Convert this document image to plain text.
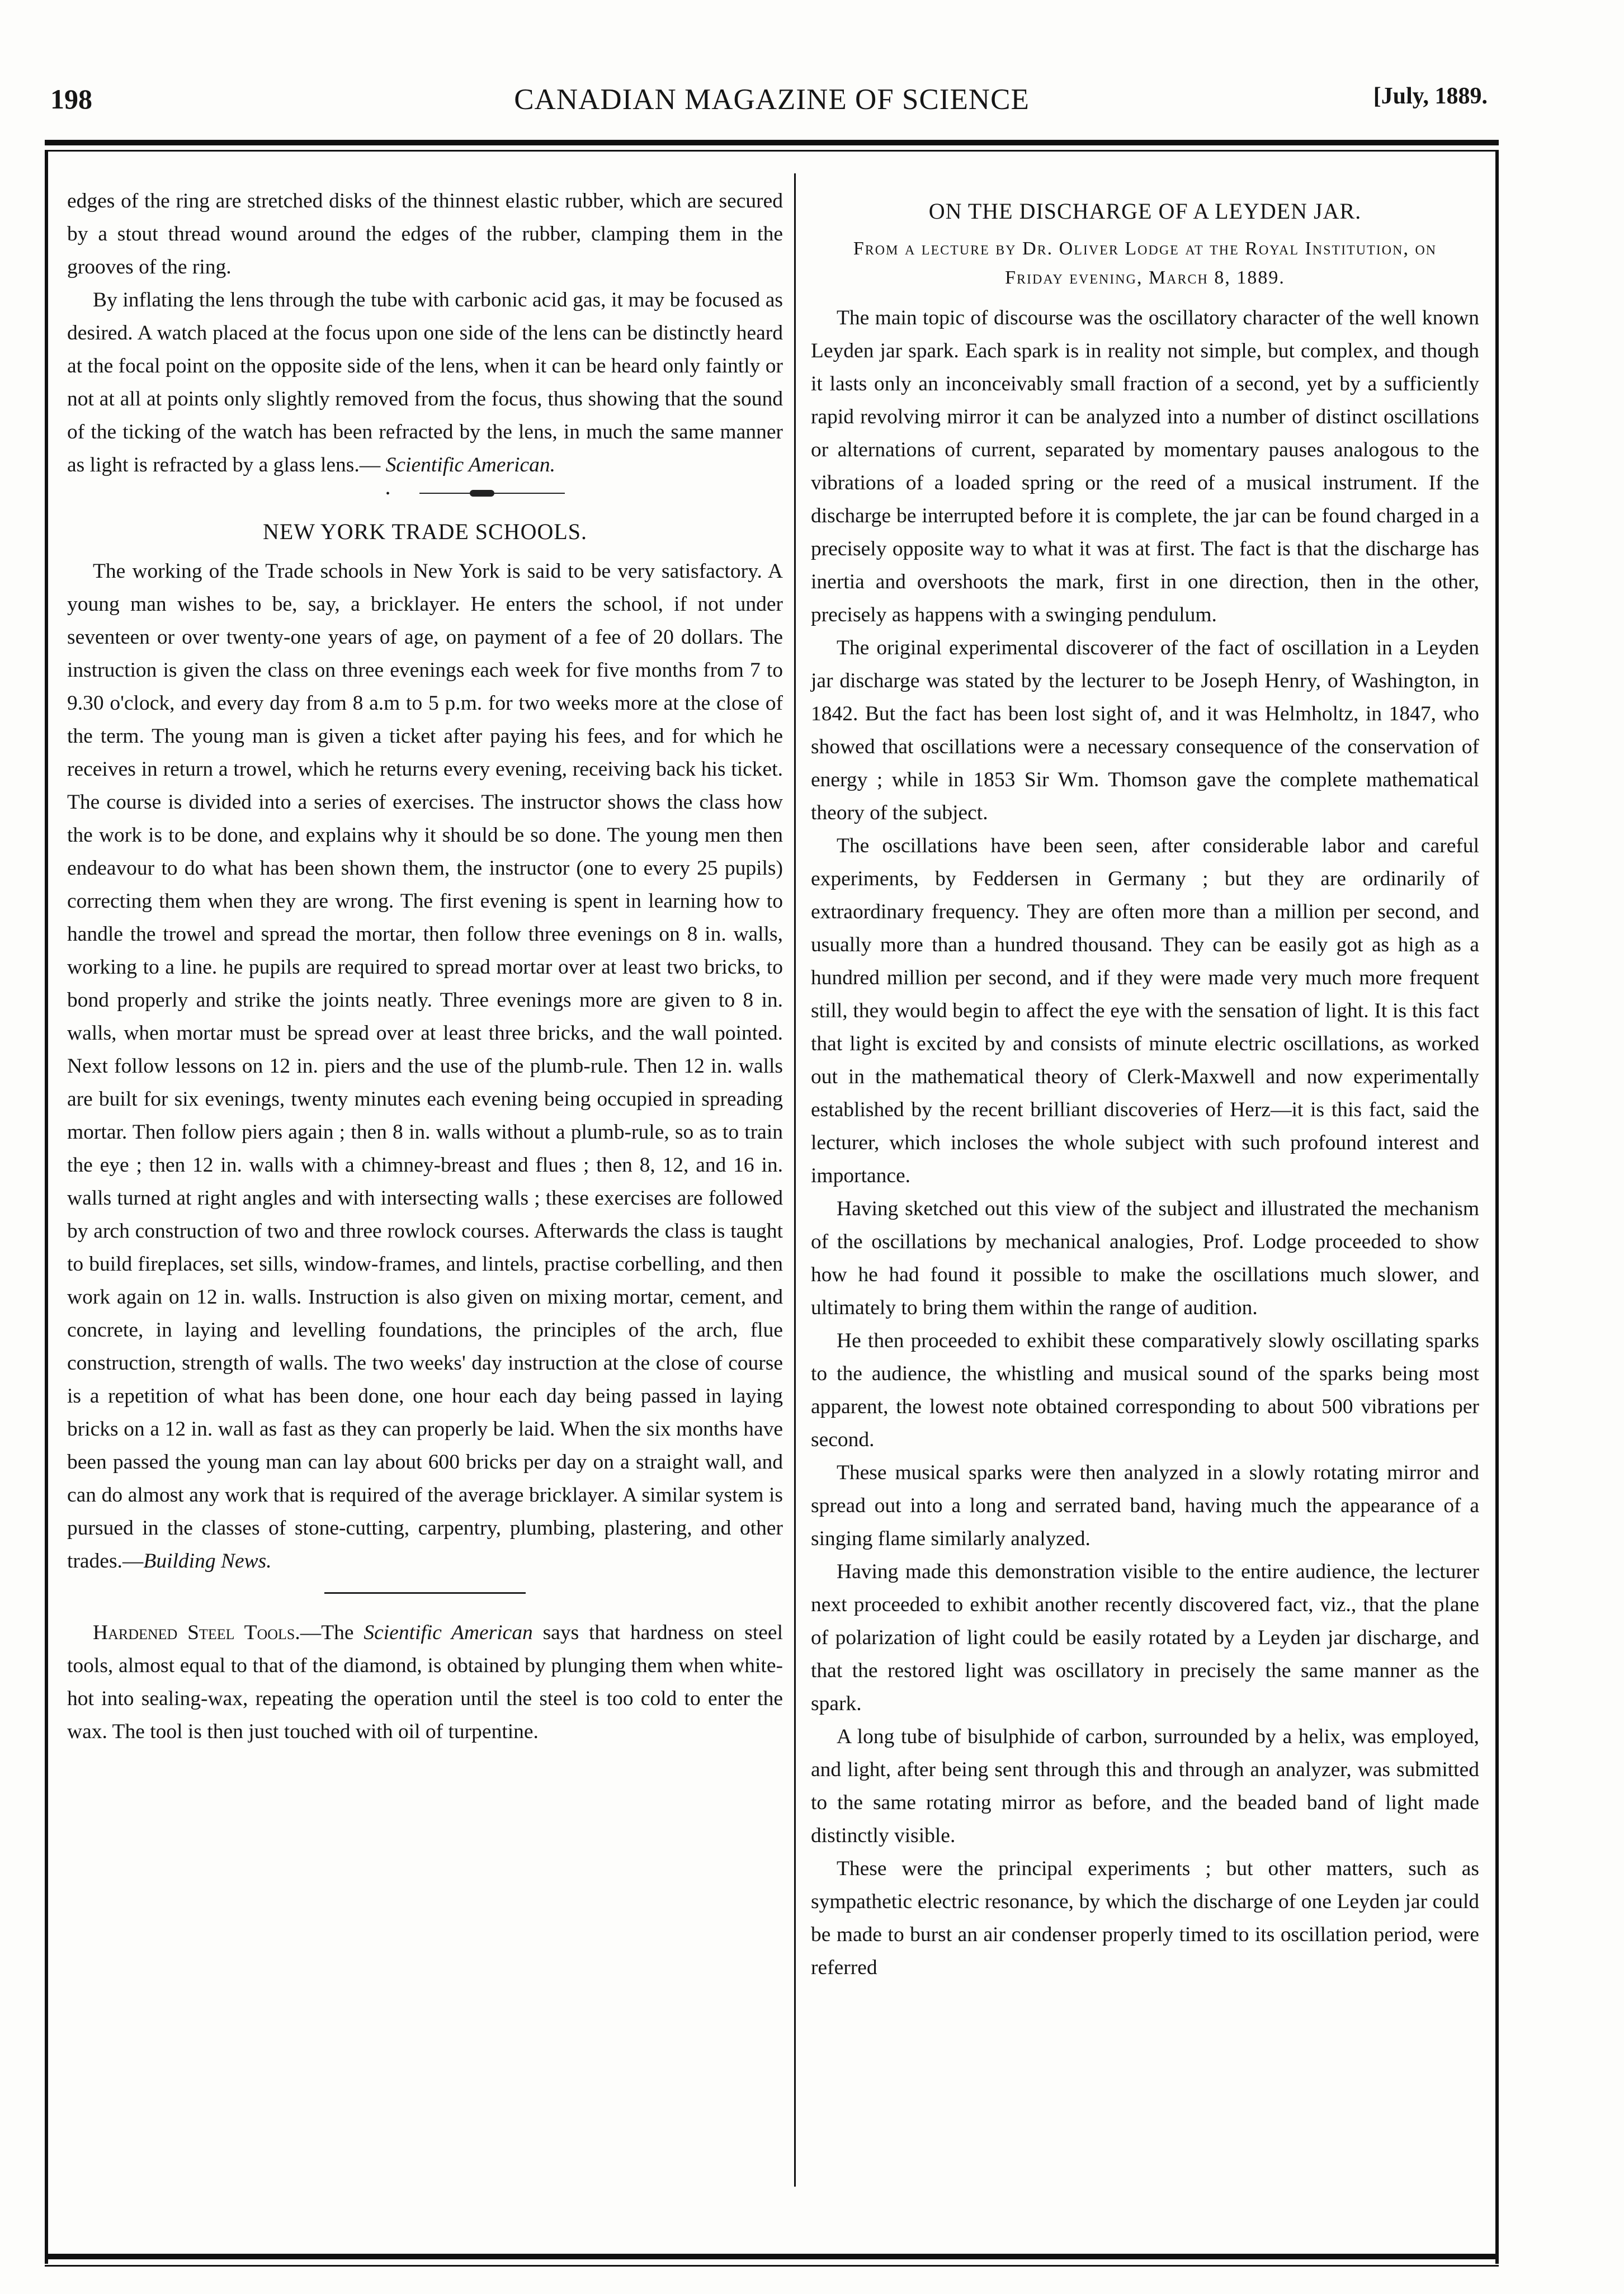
198	CANADIAN MAGAZINE OF SCIENCE	[July, 1889.

edges of the ring are stretched disks of the thinnest elastic rubber, which are secured by a stout thread wound around the edges of the rubber, clamping them in the grooves of the ring.

By inflating the lens through the tube with carbonic acid gas, it may be focused as desired. A watch placed at the focus upon one side of the lens can be distinctly heard at the focal point on the opposite side of the lens, when it can be heard only faintly or not at all at points only slightly removed from the focus, thus showing that the sound of the ticking of the watch has been refracted by the lens, in much the same manner as light is refracted by a glass lens.— Scientific American.

•
NEW YORK TRADE SCHOOLS.

The working of the Trade schools in New York is said to be very satisfactory. A young man wishes to be, say, a bricklayer. He enters the school, if not under seventeen or over twenty-one years of age, on payment of a fee of 20 dollars. The instruction is given the class on three evenings each week for five months from 7 to 9.30 o'clock, and every day from 8 a.m to 5 p.m. for two weeks more at the close of the term. The young man is given a ticket after paying his fees, and for which he receives in return a trowel, which he returns every evening, receiving back his ticket. The course is divided into a series of exercises. The instructor shows the class how the work is to be done, and explains why it should be so done. The young men then endeavour to do what has been shown them, the instructor (one to every 25 pupils) correcting them when they are wrong. The first evening is spent in learning how to handle the trowel and spread the mortar, then follow three evenings on 8 in. walls, working to a line. he pupils are required to spread mortar over at least two bricks, to bond properly and strike the joints neatly. Three evenings more are given to 8 in. walls, when mortar must be spread over at least three bricks, and the wall pointed. Next follow lessons on 12 in. piers and the use of the plumb-rule. Then 12 in. walls are built for six evenings, twenty minutes each evening being occupied in spreading mortar. Then follow piers again ; then 8 in. walls without a plumb-rule, so as to train the eye ; then 12 in. walls with a chimney-breast and flues ; then 8, 12, and 16 in. walls turned at right angles and with intersecting walls ; these exercises are followed by arch construction of two and three rowlock courses. Afterwards the class is taught to build fireplaces, set sills, window-frames, and lintels, practise corbelling, and then work again on 12 in. walls. Instruction is also given on mixing mortar, cement, and concrete, in laying and levelling foundations, the principles of the arch, flue construction, strength of walls. The two weeks' day instruction at the close of course is a repetition of what has been done, one hour each day being passed in laying bricks on a 12 in. wall as fast as they can properly be laid. When the six months have been passed the young man can lay about 600 bricks per day on a straight wall, and can do almost any work that is required of the average bricklayer. A similar system is pursued in the classes of stone-cutting, carpentry, plumbing, plastering, and other trades.—Building News.

Hardened Steel Tools.—The Scientific American says that hardness on steel tools, almost equal to that of the diamond, is obtained by plunging them when white-hot into sealing-wax, repeating the operation until the steel is too cold to enter the wax. The tool is then just touched with oil of turpentine.

ON THE DISCHARGE OF A LEYDEN JAR.
From a lecture by Dr. Oliver Lodge at the Royal Institution, on Friday evening, March 8, 1889.

The main topic of discourse was the oscillatory character of the well known Leyden jar spark. Each spark is in reality not simple, but complex, and though it lasts only an inconceivably small fraction of a second, yet by a sufficiently rapid revolving mirror it can be analyzed into a number of distinct oscillations or alternations of current, separated by momentary pauses analogous to the vibrations of a loaded spring or the reed of a musical instrument. If the discharge be interrupted before it is complete, the jar can be found charged in a precisely opposite way to what it was at first. The fact is that the discharge has inertia and overshoots the mark, first in one direction, then in the other, precisely as happens with a swinging pendulum.

The original experimental discoverer of the fact of oscillation in a Leyden jar discharge was stated by the lecturer to be Joseph Henry, of Washington, in 1842. But the fact has been lost sight of, and it was Helmholtz, in 1847, who showed that oscillations were a necessary consequence of the conservation of energy ; while in 1853 Sir Wm. Thomson gave the complete mathematical theory of the subject.

The oscillations have been seen, after considerable labor and careful experiments, by Feddersen in Germany ; but they are ordinarily of extraordinary frequency. They are often more than a million per second, and usually more than a hundred thousand. They can be easily got as high as a hundred million per second, and if they were made very much more frequent still, they would begin to affect the eye with the sensation of light. It is this fact that light is excited by and consists of minute electric oscillations, as worked out in the mathematical theory of Clerk-Maxwell and now experimentally established by the recent brilliant discoveries of Herz—it is this fact, said the lecturer, which incloses the whole subject with such profound interest and importance.

Having sketched out this view of the subject and illustrated the mechanism of the oscillations by mechanical analogies, Prof. Lodge proceeded to show how he had found it possible to make the oscillations much slower, and ultimately to bring them within the range of audition.

He then proceeded to exhibit these comparatively slowly oscillating sparks to the audience, the whistling and musical sound of the sparks being most apparent, the lowest note obtained corresponding to about 500 vibrations per second.

These musical sparks were then analyzed in a slowly rotating mirror and spread out into a long and serrated band, having much the appearance of a singing flame similarly analyzed.

Having made this demonstration visible to the entire audience, the lecturer next proceeded to exhibit another recently discovered fact, viz., that the plane of polarization of light could be easily rotated by a Leyden jar discharge, and that the restored light was oscillatory in precisely the same manner as the spark.

A long tube of bisulphide of carbon, surrounded by a helix, was employed, and light, after being sent through this and through an analyzer, was submitted to the same rotating mirror as before, and the beaded band of light made distinctly visible.

These were the principal experiments ; but other matters, such as sympathetic electric resonance, by which the discharge of one Leyden jar could be made to burst an air condenser properly timed to its oscillation period, were referred
